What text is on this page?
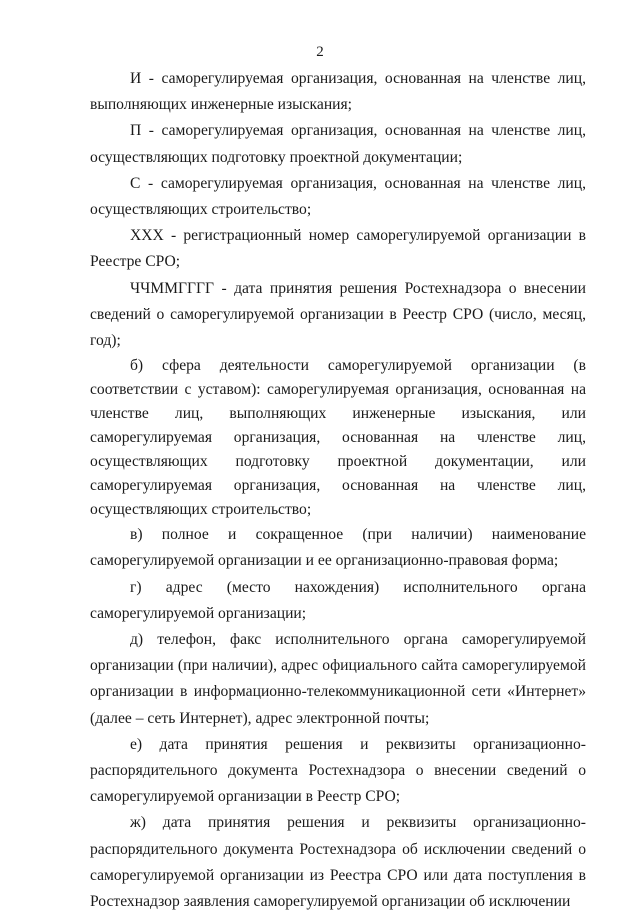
2

И - саморегулируемая организация, основанная на членстве лиц, выполняющих инженерные изыскания;

П - саморегулируемая организация, основанная на членстве лиц, осуществляющих подготовку проектной документации;

С - саморегулируемая организация, основанная на членстве лиц, осуществляющих строительство;

ХХХ - регистрационный номер саморегулируемой организации в Реестре СРО;

ЧЧММГГГГ - дата принятия решения Ростехнадзора о внесении сведений о саморегулируемой организации в Реестр СРО (число, месяц, год);

б) сфера деятельности саморегулируемой организации (в соответствии с уставом): саморегулируемая организация, основанная на членстве лиц, выполняющих инженерные изыскания, или саморегулируемая организация, основанная на членстве лиц, осуществляющих подготовку проектной документации, или саморегулируемая организация, основанная на членстве лиц, осуществляющих строительство;

в) полное и сокращенное (при наличии) наименование саморегулируемой организации и ее организационно-правовая форма;

г) адрес (место нахождения) исполнительного органа саморегулируемой организации;

д) телефон, факс исполнительного органа саморегулируемой организации (при наличии), адрес официального сайта саморегулируемой организации в информационно-телекоммуникационной сети «Интернет» (далее – сеть Интернет), адрес электронной почты;

е) дата принятия решения и реквизиты организационно-распорядительного документа Ростехнадзора о внесении сведений о саморегулируемой организации в Реестр СРО;

ж) дата принятия решения и реквизиты организационно-распорядительного документа Ростехнадзора об исключении сведений о саморегулируемой организации из Реестра СРО или дата поступления в Ростехнадзор заявления саморегулируемой организации об исключении
